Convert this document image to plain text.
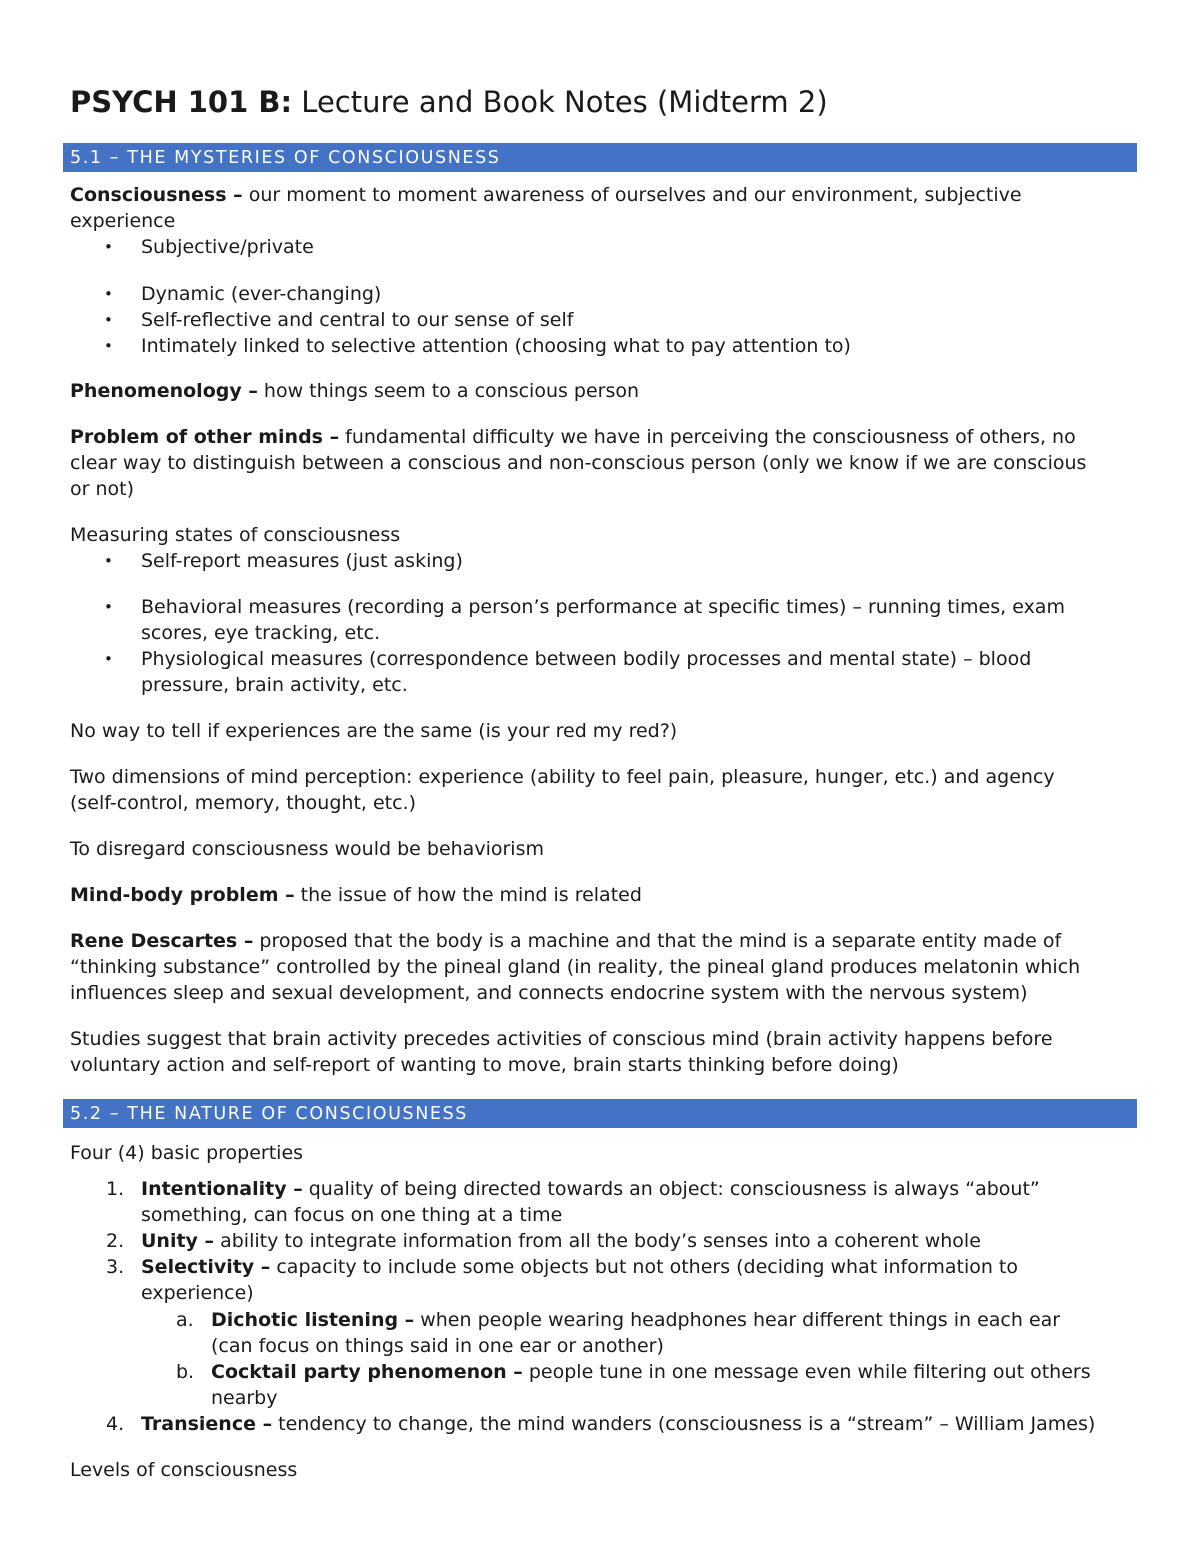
PSYCH 101 B: Lecture and Book Notes (Midterm 2)
5.1 – THE MYSTERIES OF CONSCIOUSNESS
Consciousness – our moment to moment awareness of ourselves and our environment, subjective
experience
• Subjective/private
• Dynamic (ever-changing)
• Self-reflective and central to our sense of self
• Intimately linked to selective attention (choosing what to pay attention to)
Phenomenology – how things seem to a conscious person
Problem of other minds – fundamental difficulty we have in perceiving the consciousness of others, no
clear way to distinguish between a conscious and non-conscious person (only we know if we are conscious
or not)
Measuring states of consciousness
• Self-report measures (just asking)
• Behavioral measures (recording a person’s performance at specific times) – running times, exam
scores, eye tracking, etc.
• Physiological measures (correspondence between bodily processes and mental state) – blood
pressure, brain activity, etc.
No way to tell if experiences are the same (is your red my red?)
Two dimensions of mind perception: experience (ability to feel pain, pleasure, hunger, etc.) and agency
(self-control, memory, thought, etc.)
To disregard consciousness would be behaviorism
Mind-body problem – the issue of how the mind is related
Rene Descartes – proposed that the body is a machine and that the mind is a separate entity made of
“thinking substance” controlled by the pineal gland (in reality, the pineal gland produces melatonin which
influences sleep and sexual development, and connects endocrine system with the nervous system)
Studies suggest that brain activity precedes activities of conscious mind (brain activity happens before
voluntary action and self-report of wanting to move, brain starts thinking before doing)
5.2 – THE NATURE OF CONSCIOUSNESS
Four (4) basic properties
1. Intentionality – quality of being directed towards an object: consciousness is always “about”
something, can focus on one thing at a time
2. Unity – ability to integrate information from all the body’s senses into a coherent whole
3. Selectivity – capacity to include some objects but not others (deciding what information to
experience)
a. Dichotic listening – when people wearing headphones hear different things in each ear
(can focus on things said in one ear or another)
b. Cocktail party phenomenon – people tune in one message even while filtering out others
nearby
4. Transience – tendency to change, the mind wanders (consciousness is a “stream” – William James)
Levels of consciousness
